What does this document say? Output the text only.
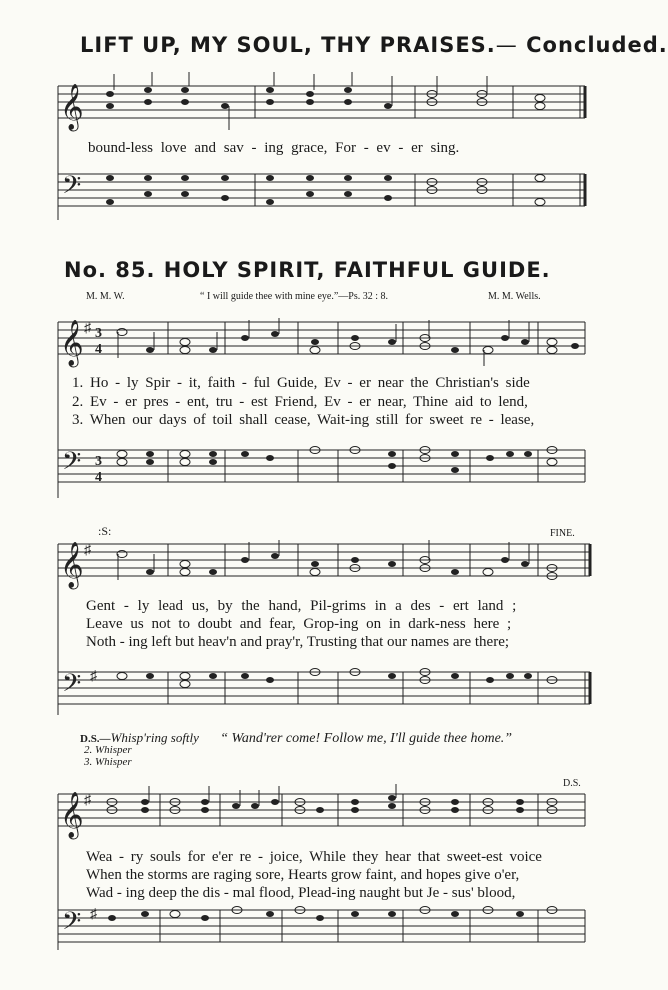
LIFT UP, MY SOUL, THY PRAISES.— Concluded.
𝄞
𝄢
bound-less love and sav - ing grace, For - ev - er sing.
No. 85. HOLY SPIRIT, FAITHFUL GUIDE.
M. M. W.	“ I will guide thee with mine eye.”—Ps. 32 : 8.	M. M. Wells.
𝄞 ♯ 3
4
𝄢 3
4
1. Ho - ly Spir - it, faith - ful Guide, Ev - er near the Christian's side
2. Ev - er pres - ent, tru - est Friend, Ev - er near, Thine aid to lend,
3. When our days of toil shall cease, Wait-ing still for sweet re - lease,
:S:	FINE.
𝄞 ♯
𝄢 ♯
Gent - ly lead us, by the hand, Pil-grims in a des - ert land ;
Leave us not to doubt and fear, Grop-ing on in dark-ness here ;
Noth - ing left but heav'n and pray'r, Trusting that our names are there;
D.S.—Whisp'ring softly “ Wand'rer come! Follow me, I'll guide thee home.”
2. Whisper
3. Whisper
D.S.
𝄞 ♯
𝄢 ♯
Wea - ry souls for e'er re - joice, While they hear that sweet-est voice
When the storms are raging sore, Hearts grow faint, and hopes give o'er,
Wad - ing deep the dis - mal flood, Plead-ing naught but Je - sus' blood,
